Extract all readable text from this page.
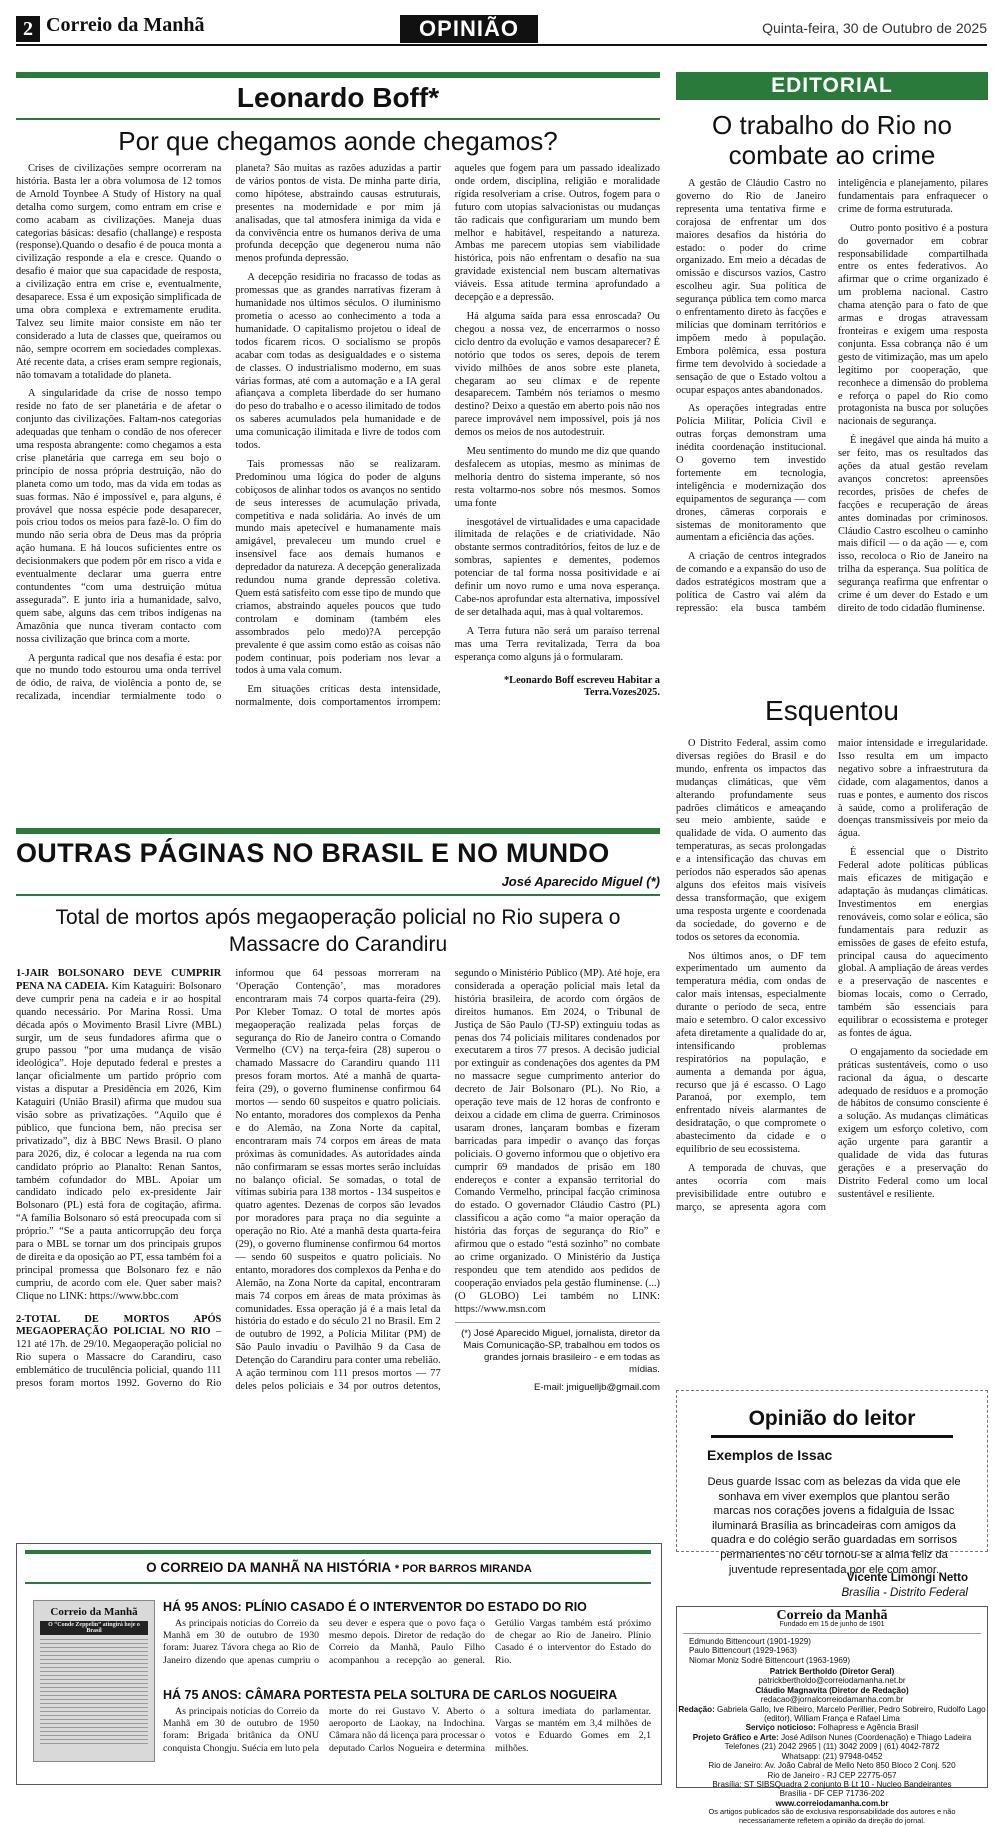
2 Correio da Manhã	OPINIÃO	Quinta-feira, 30 de Outubro de 2025
Leonardo Boff*
Por que chegamos aonde chegamos?

Crises de civilizações sempre ocorreram na história. Basta ler a obra volumosa de 12 tomos de Arnold Toynbee A Study of History na qual detalha como surgem, como entram em crise e como acabam as civilizações. Maneja duas categorias básicas: desafio (challange) e resposta (response).Quando o desafio é de pouca monta a civilização responde a ela e cresce. Quando o desafio é maior que sua capacidade de resposta, a civilização entra em crise e, eventualmente, desaparece. Essa é um exposição simplificada de uma obra complexa e extremamente erudita. Talvez seu limite maior consiste em não ter considerado a luta de classes que, queiramos ou não, sempre ocorrem em sociedades complexas. Até recente data, a crises eram sempre regionais, não tomavam a totalidade do planeta.

A singularidade da crise de nosso tempo reside no fato de ser planetária e de afetar o conjunto das civilizações. Faltam-nos categorias adequadas que tenham o condão de nos oferecer uma resposta abrangente: como chegamos a esta crise planetária que carrega em seu bojo o princípio de nossa própria destruição, não do planeta como um todo, mas da vida em todas as suas formas. Não é impossível e, para alguns, é provável que nossa espécie pode desaparecer, pois criou todos os meios para fazê-lo. O fim do mundo não seria obra de Deus mas da própria ação humana. E há loucos suficientes entre os decisionmakers que podem pôr em risco a vida e eventualmente declarar uma guerra entre contundentes “com uma destruição mútua assegurada”. E junto iria a humanidade, salvo, quem sabe, alguns das cem tribos indígenas na Amazônia que nunca tiveram contacto com nossa civilização que brinca com a morte.

A pergunta radical que nos desafia é esta: por que no mundo todo estourou uma onda terrível de ódio, de raiva, de violência a ponto de, se recalizada, incendiar termialmente todo o planeta? São muitas as razões aduzidas a partir de vários pontos de vista. De minha parte diria, como hipótese, abstraindo causas estruturais, presentes na modernidade e por mim já analisadas, que tal atmosfera inimiga da vida e da convivência entre os humanos deriva de uma profunda decepção que degenerou numa não menos profunda depressão.

A decepção residiria no fracasso de todas as promessas que as grandes narrativas fizeram à humanidade nos últimos séculos. O iluminismo prometia o acesso ao conhecimento a toda a humanidade. O capitalismo projetou o ideal de todos ficarem ricos. O socialismo se propôs acabar com todas as desigualdades e o sistema de classes. O industrialismo moderno, em suas várias formas, até com a automação e a IA geral afiançava a completa liberdade do ser humano do peso do trabalho e o acesso ilimitado de todos os saberes acumulados pela humanidade e de uma comunicação ilimitada e livre de todos com todos.

Tais promessas não se realizaram. Predominou uma lógica do poder de alguns cobiçosos de alinhar todos os avanços no sentido de seus interesses de acumulação privada, competitiva e nada solidária. Ao invés de um mundo mais apetecível e humanamente mais amigável, prevaleceu um mundo cruel e insensível face aos demais humanos e depredador da natureza. A decepção generalizada redundou numa grande depressão coletiva. Quem está satisfeito com esse tipo de mundo que criamos, abstraindo aqueles poucos que tudo controlam e dominam (também eles assombrados pelo medo)?A percepção prevalente é que assim como estão as coisas não podem continuar, pois poderiam nos levar a todos à uma vala comum.

Em situações críticas desta intensidade, normalmente, dois comportamentos irrompem: aqueles que fogem para um passado idealizado onde ordem, disciplina, religião e moralidade rígida resolveriam a crise. Outros, fogem para o futuro com utopias salvacionistas ou mudanças tão radicais que configurariam um mundo bem melhor e habitável, respeitando a natureza. Ambas me parecem utopias sem viabilidade histórica, pois não enfrentam o desafio na sua gravidade existencial nem buscam alternativas viáveis. Essa atitude termina aprofundado a decepção e a depressão.

Há alguma saída para essa enroscada? Ou chegou a nossa vez, de encerrarmos o nosso ciclo dentro da evolução e vamos desaparecer? É notório que todos os seres, depois de terem vivido milhões de anos sobre este planeta, chegaram ao seu clímax e de repente desaparecem. Também nós teríamos o mesmo destino? Deixo a questão em aberto pois não nos parece improvável nem impossível, pois já nos demos os meios de nos autodestruir.

Meu sentimento do mundo me diz que quando desfalecem as utopias, mesmo as mínimas de melhoria dentro do sistema imperante, só nos resta voltarmo-nos sobre nós mesmos. Somos uma fonte

inesgotável de virtualidades e uma capacidade ilimitada de relações e de criatividade. Não obstante sermos contraditórios, feitos de luz e de sombras, sapientes e dementes, podemos potenciar de tal forma nossa positividade e aí definir um novo rumo e uma nova esperança. Cabe-nos aprofundar esta alternativa, impossível de ser detalhada aqui, mas à qual voltaremos.

A Terra futura não será um paraíso terrenal mas uma Terra revitalizada, Terra da boa esperança como alguns já o formularam.

*Leonardo Boff escreveu Habitar a Terra.Vozes2025.

EDITORIAL
O trabalho do Rio no combate ao crime

A gestão de Cláudio Castro no governo do Rio de Janeiro representa uma tentativa firme e corajosa de enfrentar um dos maiores desafios da história do estado: o poder do crime organizado. Em meio a décadas de omissão e discursos vazios, Castro escolheu agir. Sua política de segurança pública tem como marca o enfrentamento direto às facções e milícias que dominam territórios e impõem medo à população. Embora polêmica, essa postura firme tem devolvido à sociedade a sensação de que o Estado voltou a ocupar espaços antes abandonados.

As operações integradas entre Polícia Militar, Polícia Civil e outras forças demonstram uma inédita coordenação institucional. O governo tem investido fortemente em tecnologia, inteligência e modernização dos equipamentos de segurança — com drones, câmeras corporais e sistemas de monitoramento que aumentam a eficiência das ações.

A criação de centros integrados de comando e a expansão do uso de dados estratégicos mostram que a política de Castro vai além da repressão: ela busca também inteligência e planejamento, pilares fundamentais para enfraquecer o crime de forma estruturada.

Outro ponto positivo é a postura do governador em cobrar responsabilidade compartilhada entre os entes federativos. Ao afirmar que o crime organizado é um problema nacional. Castro chama atenção para o fato de que armas e drogas atravessam fronteiras e exigem uma resposta conjunta. Essa cobrança não é um gesto de vitimização, mas um apelo legítimo por cooperação, que reconhece a dimensão do problema e reforça o papel do Rio como protagonista na busca por soluções nacionais de segurança.

É inegável que ainda há muito a ser feito, mas os resultados das ações da atual gestão revelam avanços concretos: apreensões recordes, prisões de chefes de facções e recuperação de áreas antes dominadas por criminosos. Cláudio Castro escolheu o caminho mais difícil — o da ação — e, com isso, recoloca o Rio de Janeiro na trilha da esperança. Sua política de segurança reafirma que enfrentar o crime é um dever do Estado e um direito de todo cidadão fluminense.

Esquentou

O Distrito Federal, assim como diversas regiões do Brasil e do mundo, enfrenta os impactos das mudanças climáticas, que vêm alterando profundamente seus padrões climáticos e ameaçando seu meio ambiente, saúde e qualidade de vida. O aumento das temperaturas, as secas prolongadas e a intensificação das chuvas em períodos não esperados são apenas alguns dos efeitos mais visíveis dessa transformação, que exigem uma resposta urgente e coordenada da sociedade, do governo e de todos os setores da economia.

Nos últimos anos, o DF tem experimentado um aumento da temperatura média, com ondas de calor mais intensas, especialmente durante o período de seca, entre maio e setembro. O calor excessivo afeta diretamente a qualidade do ar, intensificando problemas respiratórios na população, e aumenta a demanda por água, recurso que já é escasso. O Lago Paranoá, por exemplo, tem enfrentado níveis alarmantes de desidratação, o que compromete o abastecimento da cidade e o equilíbrio de seu ecossistema.

A temporada de chuvas, que antes ocorria com mais previsibilidade entre outubro e março, se apresenta agora com maior intensidade e irregularidade. Isso resulta em um impacto negativo sobre a infraestrutura da cidade, com alagamentos, danos a ruas e pontes, e aumento dos riscos à saúde, como a proliferação de doenças transmissíveis por meio da água.

É essencial que o Distrito Federal adote políticas públicas mais eficazes de mitigação e adaptação às mudanças climáticas. Investimentos em energias renováveis, como solar e eólica, são fundamentais para reduzir as emissões de gases de efeito estufa, principal causa do aquecimento global. A ampliação de áreas verdes e a preservação de nascentes e biomas locais, como o Cerrado, também são essenciais para equilibrar o ecossistema e proteger as fontes de água.

O engajamento da sociedade em práticas sustentáveis, como o uso racional da água, o descarte adequado de resíduos e a promoção de hábitos de consumo consciente é a solução. As mudanças climáticas exigem um esforço coletivo, com ação urgente para garantir a qualidade de vida das futuras gerações e a preservação do Distrito Federal como um local sustentável e resiliente.

OUTRAS PÁGINAS NO BRASIL E NO MUNDO
José Aparecido Miguel (*)
Total de mortos após megaoperação policial no Rio supera o Massacre do Carandiru

1-JAIR BOLSONARO DEVE CUMPRIR PENA NA CADEIA. Kim Kataguiri: Bolsonaro deve cumprir pena na cadeia e ir ao hospital quando necessário. Por Marina Rossi. Uma década após o Movimento Brasil Livre (MBL) surgir, um de seus fundadores afirma que o grupo passou “por uma mudança de visão ideológica”. Hoje deputado federal e prestes a lançar oficialmente um partido próprio com vistas a disputar a Presidência em 2026, Kim Kataguiri (União Brasil) afirma que mudou sua visão sobre as privatizações. “Aquilo que é público, que funciona bem, não precisa ser privatizado”, diz à BBC News Brasil. O plano para 2026, diz, é colocar a legenda na rua com candidato próprio ao Planalto: Renan Santos, também cofundador do MBL. Apoiar um candidato indicado pelo ex-presidente Jair Bolsonaro (PL) está fora de cogitação, afirma. “A família Bolsonaro só está preocupada com si próprio.” “Se a pauta anticorrupção deu força para o MBL se tornar um dos principais grupos de direita e da oposição ao PT, essa também foi a principal promessa que Bolsonaro fez e não cumpriu, de acordo com ele. Quer saber mais? Clique no LINK: https://www.bbc.com

2-TOTAL DE MORTOS APÓS MEGAOPERAÇÃO POLICIAL NO RIO – 121 até 17h. de 29/10. Megaoperação policial no Rio supera o Massacre do Carandiru, caso emblemático de truculência policial, quando 111 presos foram mortos 1992. Governo do Rio informou que 64 pessoas morreram na ‘Operação Contenção’, mas moradores encontraram mais 74 corpos quarta-feira (29). Por Kleber Tomaz. O total de mortes após megaoperação realizada pelas forças de segurança do Rio de Janeiro contra o Comando Vermelho (CV) na terça-feira (28) superou o chamado Massacre do Carandiru quando 111 presos foram mortos. Até a manhã de quarta-feira (29), o governo fluminense confirmou 64 mortos — sendo 60 suspeitos e quatro policiais. No entanto, moradores dos complexos da Penha e do Alemão, na Zona Norte da capital, encontraram mais 74 corpos em áreas de mata próximas às comunidades. As autoridades ainda não confirmaram se essas mortes serão incluídas no balanço oficial. Se somadas, o total de vítimas subiria para 138 mortos - 134 suspeitos e quatro agentes. Dezenas de corpos são levados por moradores para praça no dia seguinte a operação no Rio. Até a manhã desta quarta-feira (29), o governo fluminense confirmou 64 mortos — sendo 60 suspeitos e quatro policiais. No entanto, moradores dos complexos da Penha e do Alemão, na Zona Norte da capital, encontraram mais 74 corpos em áreas de mata próximas às comunidades. Essa operação já é a mais letal da história do estado e do século 21 no Brasil. Em 2 de outubro de 1992, a Polícia Militar (PM) de São Paulo invadiu o Pavilhão 9 da Casa de Detenção do Carandiru para conter uma rebelião. A ação terminou com 111 presos mortos — 77 deles pelos policiais e 34 por outros detentos, segundo o Ministério Público (MP). Até hoje, era considerada a operação policial mais letal da história brasileira, de acordo com órgãos de direitos humanos. Em 2024, o Tribunal de Justiça de São Paulo (TJ-SP) extinguiu todas as penas dos 74 policiais militares condenados por executarem a tiros 77 presos. A decisão judicial por extinguir as condenações dos agentes da PM no massacre segue cumprimento anterior do decreto de Jair Bolsonaro (PL). No Rio, a operação teve mais de 12 horas de confronto e deixou a cidade em clima de guerra. Criminosos usaram drones, lançaram bombas e fizeram barricadas para impedir o avanço das forças policiais. O governo informou que o objetivo era cumprir 69 mandados de prisão em 180 endereços e conter a expansão territorial do Comando Vermelho, principal facção criminosa do estado. O governador Cláudio Castro (PL) classificou a ação como “a maior operação da história das forças de segurança do Rio” e afirmou que o estado “está sozinho” no combate ao crime organizado. O Ministério da Justiça respondeu que tem atendido aos pedidos de cooperação enviados pela gestão fluminense. (...) (O GLOBO) Lei também no LINK: https://www.msn.com

(*) José Aparecido Miguel, jornalista, diretor da Mais Comunicação-SP, trabalhou em todos os grandes jornais brasileiro - e em todas as mídias.

E-mail: jmiguelljb@gmail.com

Opinião do leitor
Exemplos de Issac
Deus guarde Issac com as belezas da vida que ele sonhava em viver exemplos que plantou serão marcas nos corações jovens a fidalguia de Issac iluminará Brasília as brincadeiras com amigos da quadra e do colégio serão guardadas em sorrisos permanentes no céu tornou-se a alma feliz da juventude representada por ele com amor.
Vicente Limongi Netto
Brasília - Distrito Federal
O CORREIO DA MANHÃ NA HISTÓRIA * POR BARROS MIRANDA
Correio da Manhã
O “Conde Zeppelin” atingirá hoje o Brasil
HÁ 95 ANOS: PLÍNIO CASADO É O INTERVENTOR DO ESTADO DO RIO

As principais notícias do Correio da Manhã em 30 de outubro de 1930 foram: Juarez Távora chega ao Rio de Janeiro dizendo que apenas cumpriu o seu dever e espera que o povo faça o mesmo depois. Diretor de redação do Correio da Manhã, Paulo Filho acompanhou a recepção ao general. Getúlio Vargas também está próximo de chegar ao Rio de Janeiro. Plínio Casado é o interventor do Estado do Rio.

HÁ 75 ANOS: CÂMARA PORTESTA PELA SOLTURA DE CARLOS NOGUEIRA

As principais notícias do Correio da Manhã em 30 de outubro de 1950 foram: Brigada britânica da ONU conquista Chongju. Suécia em luto pela morte do rei Gustavo V. Aberto o aeroporto de Laokay, na Indochina. Câmara não dá licença para processar o deputado Carlos Nogueira e determina a soltura imediata do parlamentar. Vargas se mantém em 3,4 milhões de votos e Eduardo Gomes em 2,1 milhões.

Correio da Manhã
Fundado em 15 de junho de 1901
Edmundo Bittencourt (1901-1929)
Paulo Bittencourt (1929-1963)
Niomar Moniz Sodré Bittencourt (1963-1969)
Patrick Bertholdo (Diretor Geral)
patrickbertholdo@correiodamanha.net.br
Cláudio Magnavita (Diretor de Redação)
redacao@jornalcorreiodamanha.com.br
Redação: Gabriela Gallo, Ive Ribeiro, Marcelo Perillier, Pedro Sobreiro, Rudolfo Lago (editor), William França e Rafael Lima
Serviço noticioso: Folhapress e Agência Brasil
Projeto Gráfico e Arte: José Adilson Nunes (Coordenação) e Thiago Ladeira
Telefones (21) 2042 2965 | (11) 3042 2009 | (61) 4042-7872
Whatsapp: (21) 97948-0452
Rio de Janeiro: Av. João Cabral de Mello Neto 850 Bloco 2 Conj. 520
Rio de Janeiro - RJ CEP 22775-057
Brasília: ST SIBSQuadra 2 conjunto B Lt 10 - Nucleo Bandeirantes
Brasília - DF CEP 71736-202
www.correiodamanha.com.br
Os artigos publicados são de exclusiva responsabilidade dos autores e não necessariamente refletem a opinião da direção do jornal.
